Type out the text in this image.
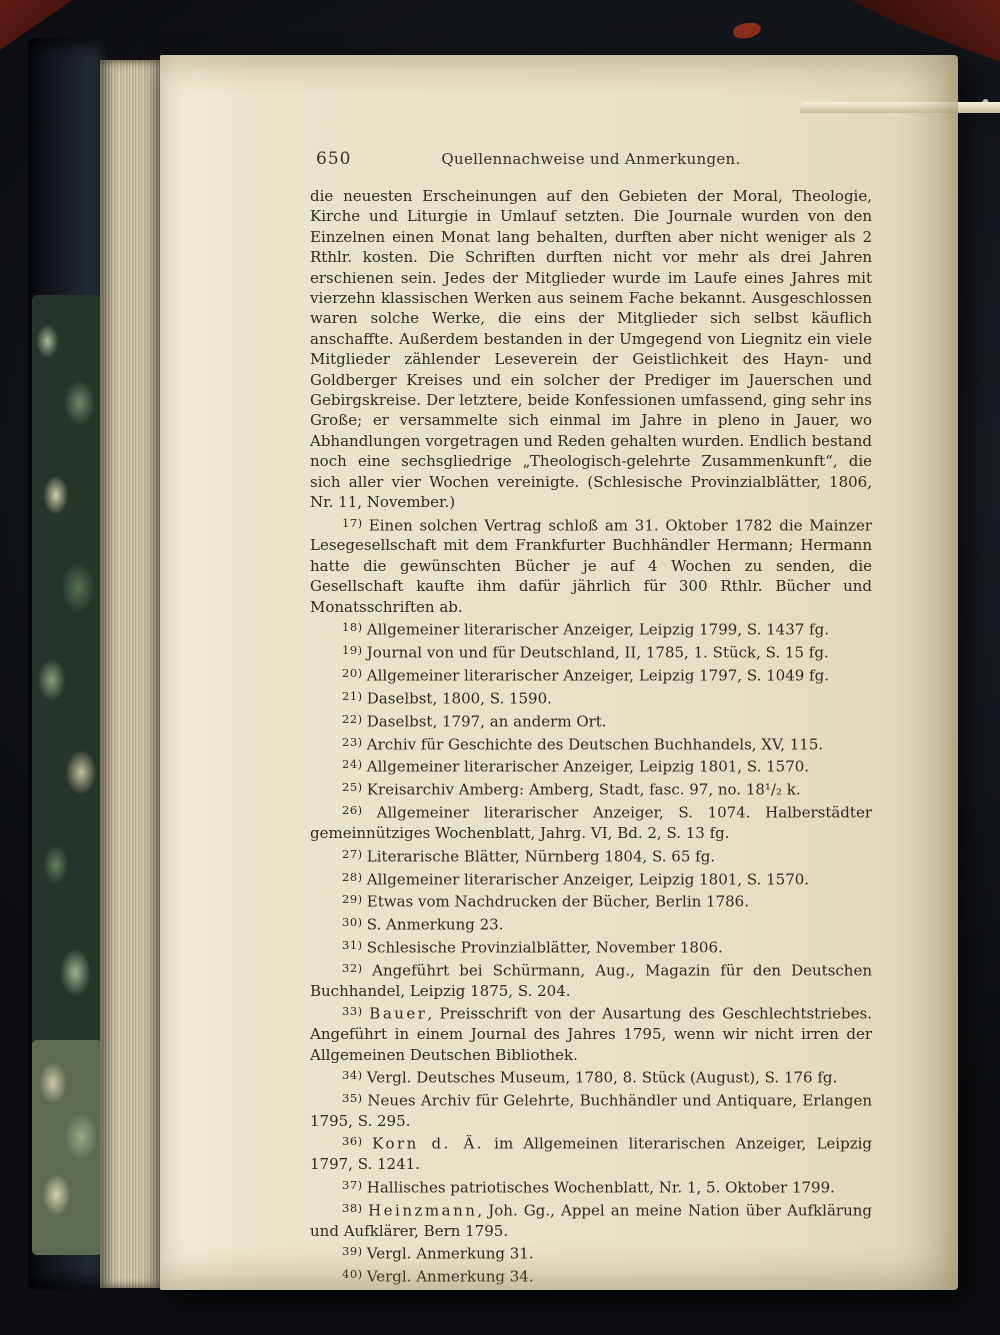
650	Quellennachweise und Anmerkungen.

die neuesten Erscheinungen auf den Gebieten der Moral, Theologie, Kirche und Liturgie in Umlauf setzten. Die Journale wurden von den Einzelnen einen Monat lang behalten, durften aber nicht weniger als 2 Rthlr. kosten. Die Schriften durften nicht vor mehr als drei Jahren erschienen sein. Jedes der Mitglieder wurde im Laufe eines Jahres mit vierzehn klassischen Werken aus seinem Fache bekannt. Ausgeschlossen waren solche Werke, die eins der Mitglieder sich selbst käuflich anschaffte. Außerdem bestanden in der Umgegend von Liegnitz ein viele Mitglieder zählender Leseverein der Geistlichkeit des Hayn- und Goldberger Kreises und ein solcher der Prediger im Jauerschen und Gebirgskreise. Der letztere, beide Konfessionen umfassend, ging sehr ins Große; er versammelte sich einmal im Jahre in pleno in Jauer, wo Abhandlungen vorgetragen und Reden gehalten wurden. Endlich bestand noch eine sechsgliedrige „Theologisch-gelehrte Zusammenkunft“, die sich aller vier Wochen vereinigte. (Schlesische Provinzialblätter, 1806, Nr. 11, November.)

$^{17)}$ Einen solchen Vertrag schloß am 31. Oktober 1782 die Mainzer Lesegesellschaft mit dem Frankfurter Buchhändler Hermann; Hermann hatte die gewünschten Bücher je auf 4 Wochen zu senden, die Gesellschaft kaufte ihm dafür jährlich für 300 Rthlr. Bücher und Monatsschriften ab.

$^{18)}$ Allgemeiner literarischer Anzeiger, Leipzig 1799, S. 1437 fg.

$^{19)}$ Journal von und für Deutschland, II, 1785, 1. Stück, S. 15 fg.

$^{20)}$ Allgemeiner literarischer Anzeiger, Leipzig 1797, S. 1049 fg.

$^{21)}$ Daselbst, 1800, S. 1590.

$^{22)}$ Daselbst, 1797, an anderm Ort.

$^{23)}$ Archiv für Geschichte des Deutschen Buchhandels, XV, 115.

$^{24)}$ Allgemeiner literarischer Anzeiger, Leipzig 1801, S. 1570.

$^{25)}$ Kreisarchiv Amberg: Amberg, Stadt, fasc. 97, no. 18¹/₂ k.

$^{26)}$ Allgemeiner literarischer Anzeiger, S. 1074. Halberstädter gemeinnütziges Wochenblatt, Jahrg. VI, Bd. 2, S. 13 fg.

$^{27)}$ Literarische Blätter, Nürnberg 1804, S. 65 fg.

$^{28)}$ Allgemeiner literarischer Anzeiger, Leipzig 1801, S. 1570.

$^{29)}$ Etwas vom Nachdrucken der Bücher, Berlin 1786.

$^{30)}$ S. Anmerkung 23.

$^{31)}$ Schlesische Provinzialblätter, November 1806.

$^{32)}$ Angeführt bei Schürmann, Aug., Magazin für den Deutschen Buchhandel, Leipzig 1875, S. 204.

$^{33)}$ Bauer, Preisschrift von der Ausartung des Geschlechtstriebes. Angeführt in einem Journal des Jahres 1795, wenn wir nicht irren der Allgemeinen Deutschen Bibliothek.

$^{34)}$ Vergl. Deutsches Museum, 1780, 8. Stück (August), S. 176 fg.

$^{35)}$ Neues Archiv für Gelehrte, Buchhändler und Antiquare, Erlangen 1795, S. 295.

$^{36)}$ Korn d. Ä. im Allgemeinen literarischen Anzeiger, Leipzig 1797, S. 1241.

$^{37)}$ Hallisches patriotisches Wochenblatt, Nr. 1, 5. Oktober 1799.

$^{38)}$ Heinzmann, Joh. Gg., Appel an meine Nation über Aufklärung und Aufklärer, Bern 1795.

$^{39)}$ Vergl. Anmerkung 31.

$^{40)}$ Vergl. Anmerkung 34.
